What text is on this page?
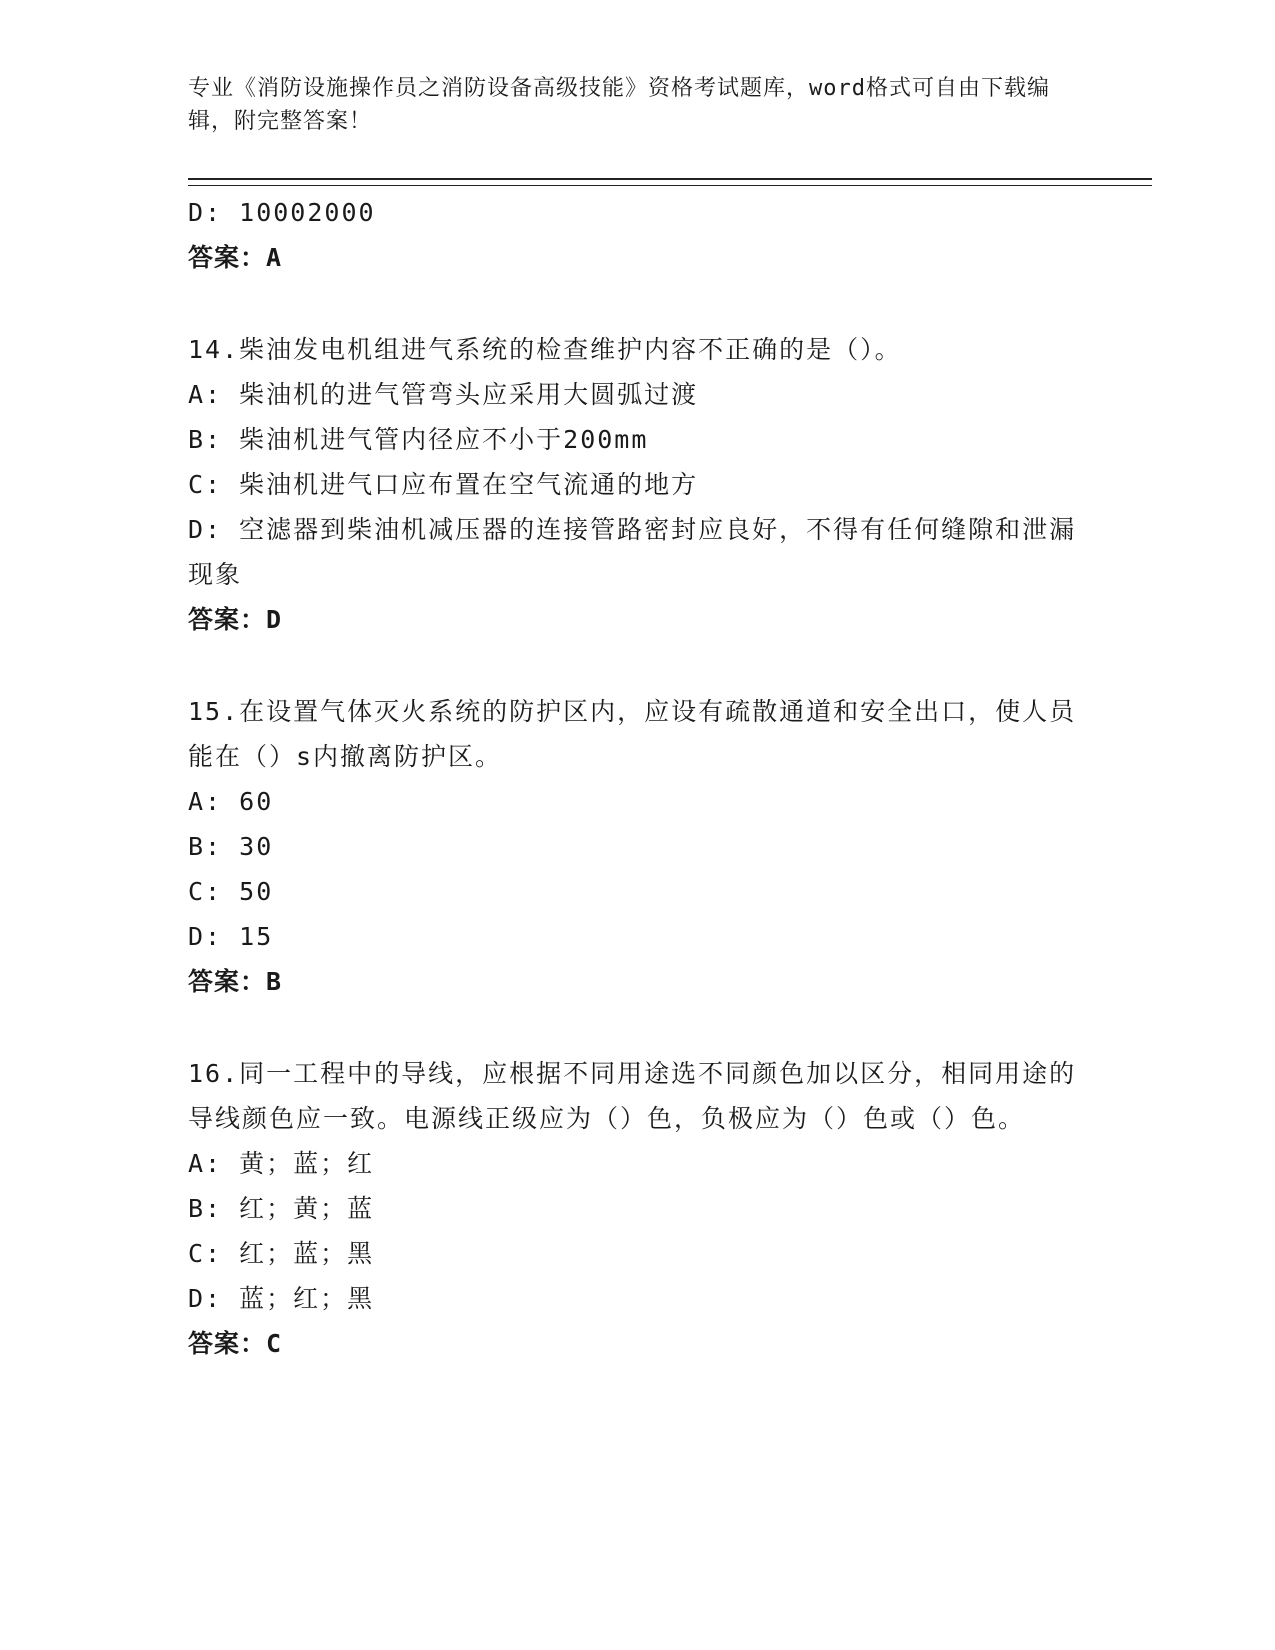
专业《消防设施操作员之消防设备高级技能》资格考试题库，word格式可自由下载编辑，附完整答案！
D: 10002000
答案：A
14.柴油发电机组进气系统的检查维护内容不正确的是（）。
A: 柴油机的进气管弯头应采用大圆弧过渡
B: 柴油机进气管内径应不小于200mm
C: 柴油机进气口应布置在空气流通的地方
D: 空滤器到柴油机减压器的连接管路密封应良好，不得有任何缝隙和泄漏现象
答案：D
15.在设置气体灭火系统的防护区内，应设有疏散通道和安全出口，使人员能在（）s内撤离防护区。
A: 60
B: 30
C: 50
D: 15
答案：B
16.同一工程中的导线，应根据不同用途选不同颜色加以区分，相同用途的导线颜色应一致。电源线正级应为（）色，负极应为（）色或（）色。
A: 黄；蓝；红
B: 红；黄；蓝
C: 红；蓝；黑
D: 蓝；红；黑
答案：C
